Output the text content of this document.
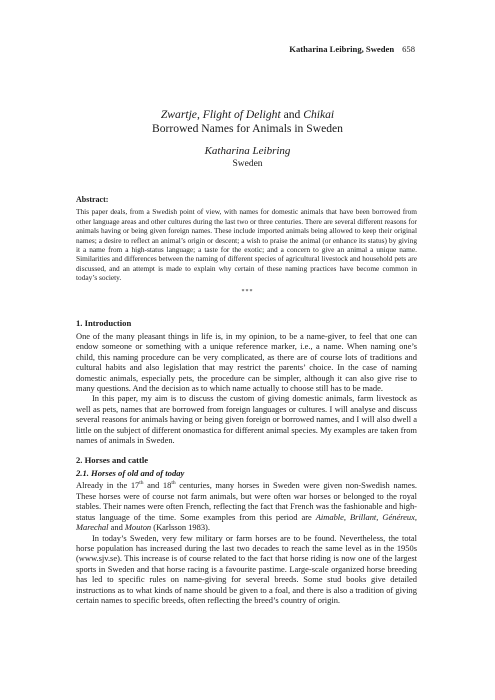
Katharina Leibring, Sweden 658
Zwartje, Flight of Delight and Chikai
Borrowed Names for Animals in Sweden
Katharina Leibring
Sweden
Abstract:
This paper deals, from a Swedish point of view, with names for domestic animals that have been borrowed from other language areas and other cultures during the last two or three centuries. There are several different reasons for animals having or being given foreign names. These include imported animals being allowed to keep their original names; a desire to reflect an animal’s origin or descent; a wish to praise the animal (or enhance its status) by giving it a name from a high-status language; a taste for the exotic; and a concern to give an animal a unique name. Similarities and differences between the naming of different species of agricultural livestock and household pets are discussed, and an attempt is made to explain why certain of these naming practices have become common in today’s society.
***
1. Introduction

One of the many pleasant things in life is, in my opinion, to be a name-giver, to feel that one can endow someone or something with a unique reference marker, i.e., a name. When naming one’s child, this naming procedure can be very complicated, as there are of course lots of traditions and cultural habits and also legislation that may restrict the parents’ choice. In the case of naming domestic animals, especially pets, the procedure can be simpler, although it can also give rise to many questions. And the decision as to which name actually to choose still has to be made.

In this paper, my aim is to discuss the custom of giving domestic animals, farm livestock as well as pets, names that are borrowed from foreign languages or cultures. I will analyse and discuss several reasons for animals having or being given foreign or borrowed names, and I will also dwell a little on the subject of different onomastica for different animal species. My examples are taken from names of animals in Sweden.

2. Horses and cattle
2.1. Horses of old and of today

Already in the 17th and 18th centuries, many horses in Sweden were given non-Swedish names. These horses were of course not farm animals, but were often war horses or belonged to the royal stables. Their names were often French, reflecting the fact that French was the fashionable and high-status language of the time. Some examples from this period are Aimable, Brillant, Généreux, Marechal and Mouton (Karlsson 1983).

In today’s Sweden, very few military or farm horses are to be found. Nevertheless, the total horse population has increased during the last two decades to reach the same level as in the 1950s (www.sjv.se). This increase is of course related to the fact that horse riding is now one of the largest sports in Sweden and that horse racing is a favourite pastime. Large-scale organized horse breeding has led to specific rules on name-giving for several breeds. Some stud books give detailed instructions as to what kinds of name should be given to a foal, and there is also a tradition of giving certain names to specific breeds, often reflecting the breed’s country of origin.
